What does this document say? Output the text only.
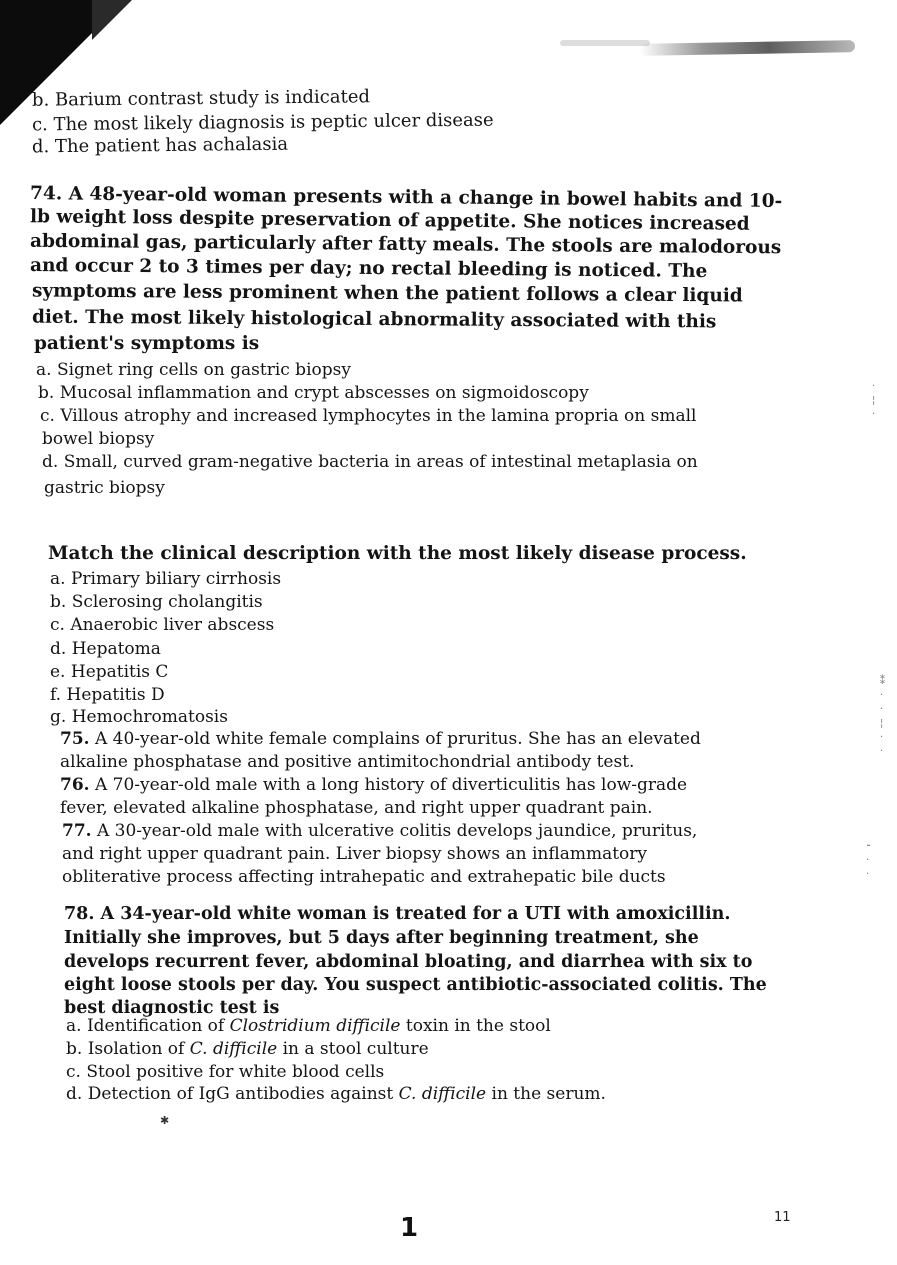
b. Barium contrast study is indicated
c. The most likely diagnosis is peptic ulcer disease
d. The patient has achalasia
74. A 48-year-old woman presents with a change in bowel habits and 10-
lb weight loss despite preservation of appetite. She notices increased
abdominal gas, particularly after fatty meals. The stools are malodorous
and occur 2 to 3 times per day; no rectal bleeding is noticed. The
symptoms are less prominent when the patient follows a clear liquid
diet. The most likely histological abnormality associated with this
patient's symptoms is
a. Signet ring cells on gastric biopsy
b. Mucosal inflammation and crypt abscesses on sigmoidoscopy
c. Villous atrophy and increased lymphocytes in the lamina propria on small
bowel biopsy
d. Small, curved gram-negative bacteria in areas of intestinal metaplasia on
gastric biopsy
Match the clinical description with the most likely disease process.
a. Primary biliary cirrhosis
b. Sclerosing cholangitis
c. Anaerobic liver abscess
d. Hepatoma
e. Hepatitis C
f. Hepatitis D
g. Hemochromatosis
75. A 40-year-old white female complains of pruritus. She has an elevated
alkaline phosphatase and positive antimitochondrial antibody test.
76. A 70-year-old male with a long history of diverticulitis has low-grade
fever, elevated alkaline phosphatase, and right upper quadrant pain.
77. A 30-year-old male with ulcerative colitis develops jaundice, pruritus,
and right upper quadrant pain. Liver biopsy shows an inflammatory
obliterative process affecting intrahepatic and extrahepatic bile ducts
78. A 34-year-old white woman is treated for a UTI with amoxicillin.
Initially she improves, but 5 days after beginning treatment, she
develops recurrent fever, abdominal bloating, and diarrhea with six to
eight loose stools per day. You suspect antibiotic-associated colitis. The
best diagnostic test is
a. Identification of Clostridium difficile toxin in the stool
b. Isolation of C. difficile in a stool culture
c. Stool positive for white blood cells
d. Detection of IgG antibodies against C. difficile in the serum.
·
¦
·
⁑
·
·
¦
·
·
⁃
·
·
✱
1	11
